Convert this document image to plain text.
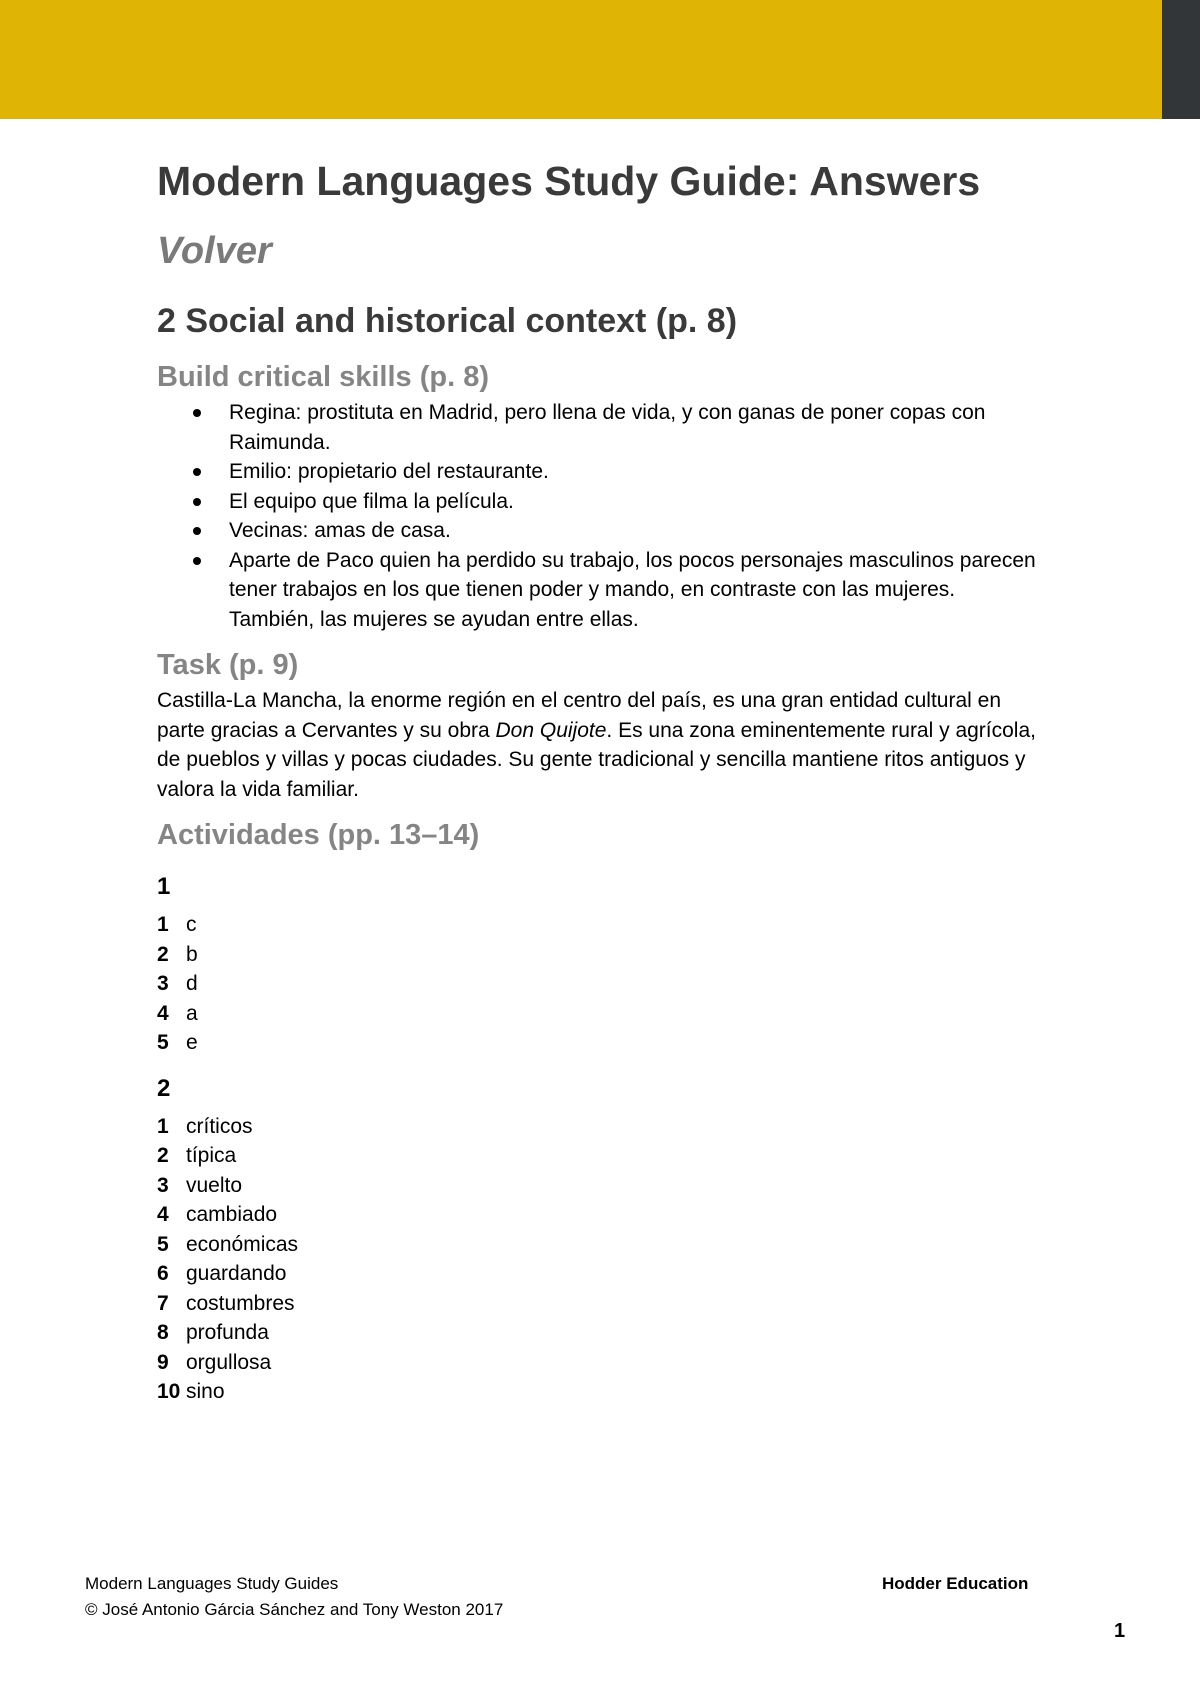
Modern Languages Study Guide: Answers
Volver
2 Social and historical context (p. 8)
Build critical skills (p. 8)
Regina: prostituta en Madrid, pero llena de vida, y con ganas de poner copas con Raimunda.
Emilio: propietario del restaurante.
El equipo que filma la película.
Vecinas: amas de casa.
Aparte de Paco quien ha perdido su trabajo, los pocos personajes masculinos parecen tener trabajos en los que tienen poder y mando, en contraste con las mujeres. También, las mujeres se ayudan entre ellas.
Task (p. 9)

Castilla-La Mancha, la enorme región en el centro del país, es una gran entidad cultural en parte gracias a Cervantes y su obra Don Quijote. Es una zona eminentemente rural y agrícola, de pueblos y villas y pocas ciudades. Su gente tradicional y sencilla mantiene ritos antiguos y valora la vida familiar.

Actividades (pp. 13–14)
1
1 c
2 b
3 d
4 a
5 e
2
1 críticos
2 típica
3 vuelto
4 cambiado
5 económicas
6 guardando
7 costumbres
8 profunda
9 orgullosa
10 sino
Modern Languages Study Guides
© José Antonio Gárcia Sánchez and Tony Weston 2017
Hodder Education
1
